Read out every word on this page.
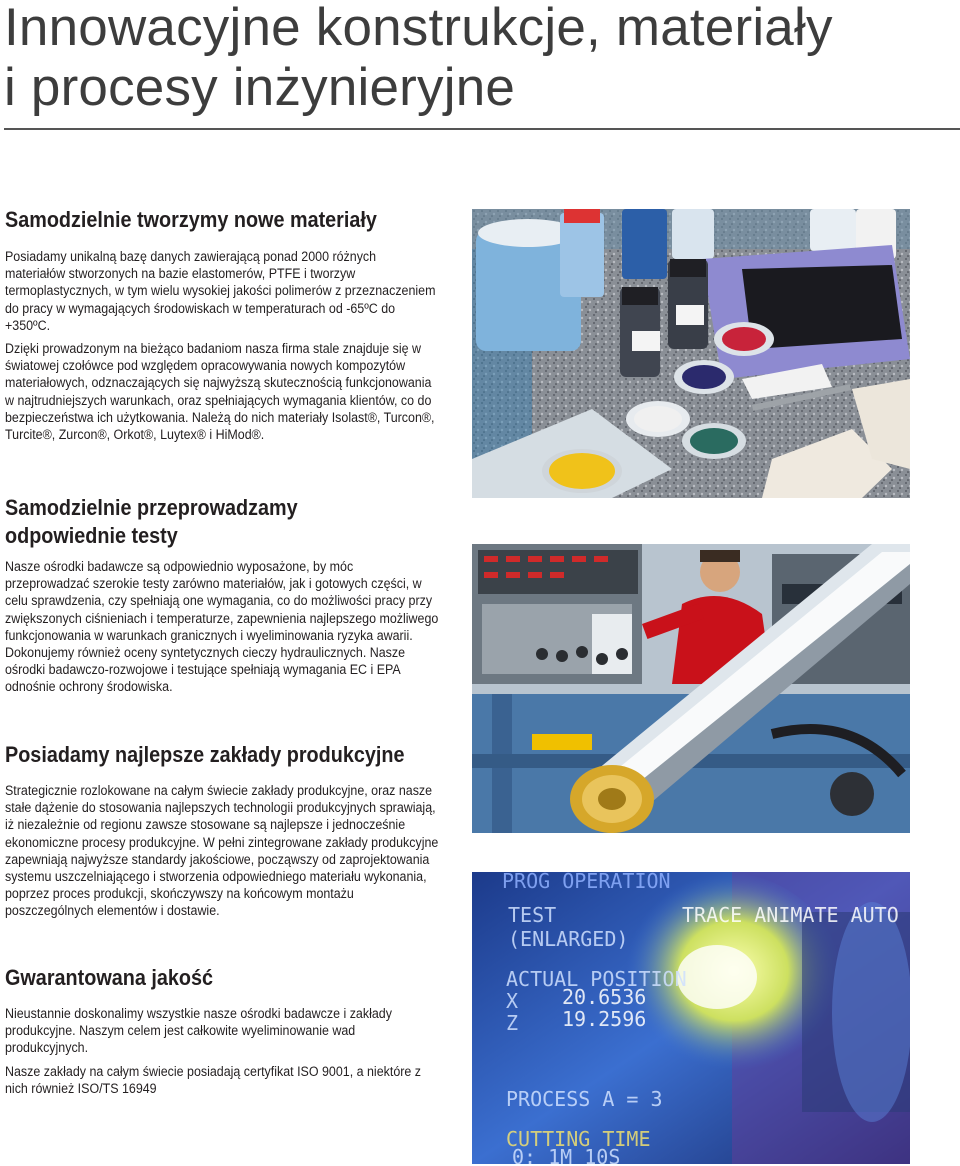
Innowacyjne konstrukcje, materiały
i procesy inżynieryjne
Samodzielnie tworzymy nowe materiały

Posiadamy unikalną bazę danych zawierającą ponad 2000 różnych materiałów stworzonych na bazie elastomerów, PTFE i tworzyw termoplastycznych, w tym wielu wysokiej jakości polimerów z przeznaczeniem do pracy w wymagających środowiskach w temperaturach od -65ºC do +350ºC.

Dzięki prowadzonym na bieżąco badaniom nasza firma stale znajduje się w światowej czołówce pod względem opracowywania nowych kompozytów materiałowych, odznaczających się najwyższą skutecznością funkcjonowania w najtrudniejszych warunkach, oraz spełniających wymagania klientów, co do bezpieczeństwa ich użytkowania. Należą do nich materiały Isolast®, Turcon®, Turcite®, Zurcon®, Orkot®, Luytex® i HiMod®.

Samodzielnie przeprowadzamy
odpowiednie testy

Nasze ośrodki badawcze są odpowiednio wyposażone, by móc przeprowadzać szerokie testy zarówno materiałów, jak i gotowych części, w celu sprawdzenia, czy spełniają one wymagania, co do możliwości pracy przy zwiększonych ciśnieniach i temperaturze, zapewnienia najlepszego możliwego funkcjonowania w warunkach granicznych i wyeliminowania ryzyka awarii. Dokonujemy również oceny syntetycznych cieczy hydraulicznych. Nasze ośrodki badawczo-rozwojowe i testujące spełniają wymagania EC i EPA odnośnie ochrony środowiska.

Posiadamy najlepsze zakłady produkcyjne

Strategicznie rozlokowane na całym świecie zakłady produkcyjne, oraz nasze stałe dążenie do stosowania najlepszych technologii produkcyjnych sprawiają, iż niezależnie od regionu zawsze stosowane są najlepsze i jednocześnie ekonomiczne procesy produkcyjne. W pełni zintegrowane zakłady produkcyjne zapewniają najwyższe standardy jakościowe, począwszy od zaprojektowania systemu uszczelniającego i stworzenia odpowiedniego materiału wykonania, poprzez proces produkcji, skończywszy na końcowym montażu poszczególnych elementów i dostawie.

Gwarantowana jakość

Nieustannie doskonalimy wszystkie nasze ośrodki badawcze i zakłady produkcyjne. Naszym celem jest całkowite wyeliminowanie wad produkcyjnych.

Nasze zakłady na całym świecie posiadają certyfikat ISO 9001, a niektóre z nich również ISO/TS 16949

PROG OPERATION
TRACE ANIMATE AUTO
TEST
(ENLARGED)
ACTUAL POSITION
X 20.6536
Z 19.2596
PROCESS A = 3
CUTTING TIME
0: 1M 10S
